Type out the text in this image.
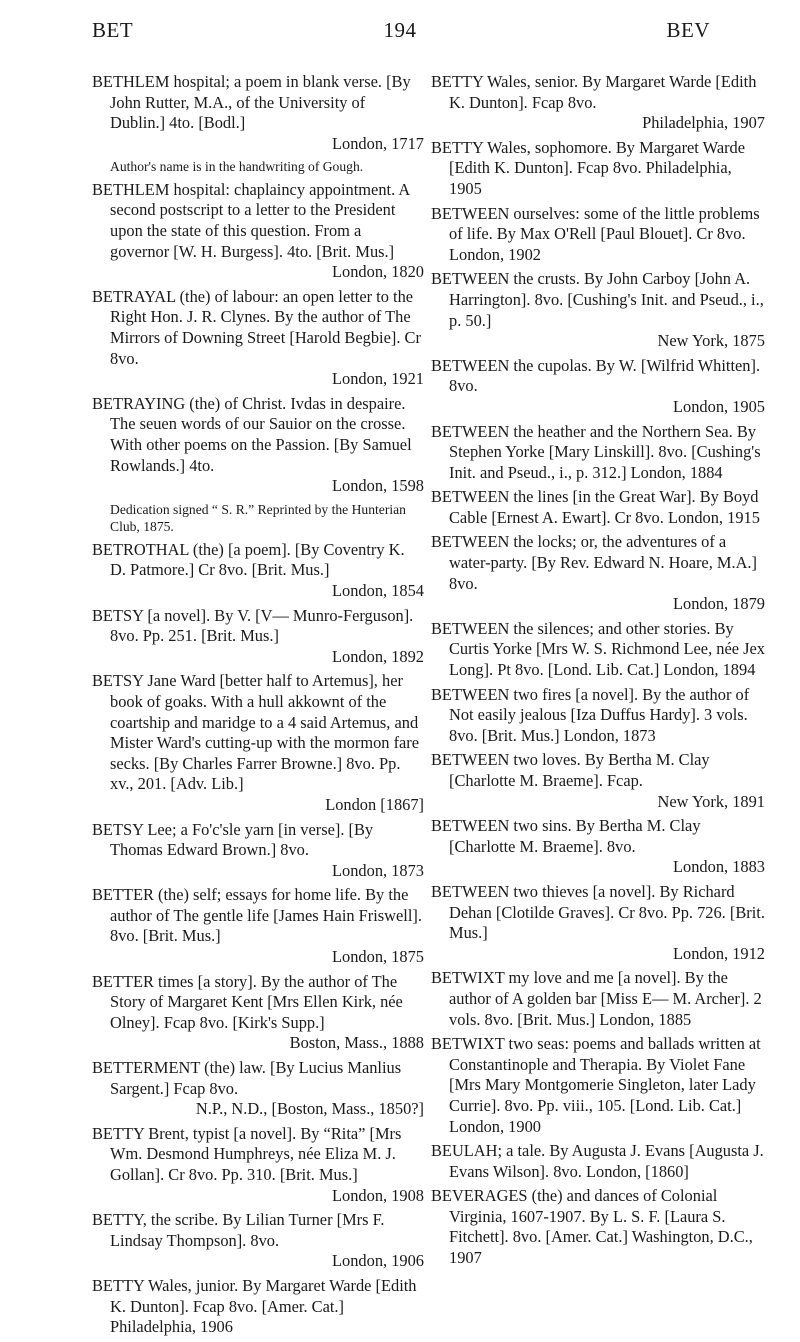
BET	194	BEV
BETHLEM hospital; a poem in blank verse. [By John Rutter, M.A., of the University of Dublin.] 4to. [Bodl.]
London, 1717
Author's name is in the handwriting of Gough.
BETHLEM hospital: chaplaincy appointment. A second postscript to a letter to the President upon the state of this question. From a governor [W. H. Burgess]. 4to. [Brit. Mus.]
London, 1820
BETRAYAL (the) of labour: an open letter to the Right Hon. J. R. Clynes. By the author of The Mirrors of Downing Street [Harold Begbie]. Cr 8vo.
London, 1921
BETRAYING (the) of Christ. Ivdas in despaire. The seuen words of our Sauior on the crosse. With other poems on the Passion. [By Samuel Rowlands.] 4to.
London, 1598
Dedication signed “ S. R.” Reprinted by the Hunterian Club, 1875.
BETROTHAL (the) [a poem]. [By Coventry K. D. Patmore.] Cr 8vo. [Brit. Mus.]
London, 1854
BETSY [a novel]. By V. [V— Munro-Ferguson]. 8vo. Pp. 251. [Brit. Mus.]
London, 1892
BETSY Jane Ward [better half to Artemus], her book of goaks. With a hull akkownt of the coartship and maridge to a 4 said Artemus, and Mister Ward's cutting-up with the mormon fare secks. [By Charles Farrer Browne.] 8vo. Pp. xv., 201. [Adv. Lib.]
London [1867]
BETSY Lee; a Fo'c'sle yarn [in verse]. [By Thomas Edward Brown.] 8vo.
London, 1873
BETTER (the) self; essays for home life. By the author of The gentle life [James Hain Friswell]. 8vo. [Brit. Mus.]
London, 1875
BETTER times [a story]. By the author of The Story of Margaret Kent [Mrs Ellen Kirk, née Olney]. Fcap 8vo. [Kirk's Supp.]
Boston, Mass., 1888
BETTERMENT (the) law. [By Lucius Manlius Sargent.] Fcap 8vo.
N.P., N.D., [Boston, Mass., 1850?]
BETTY Brent, typist [a novel]. By “Rita” [Mrs Wm. Desmond Humphreys, née Eliza M. J. Gollan]. Cr 8vo. Pp. 310. [Brit. Mus.]
London, 1908
BETTY, the scribe. By Lilian Turner [Mrs F. Lindsay Thompson]. 8vo.
London, 1906
BETTY Wales, junior. By Margaret Warde [Edith K. Dunton]. Fcap 8vo. [Amer. Cat.] Philadelphia, 1906
BETTY Wales, senior. By Margaret Warde [Edith K. Dunton]. Fcap 8vo.
Philadelphia, 1907
BETTY Wales, sophomore. By Margaret Warde [Edith K. Dunton]. Fcap 8vo. Philadelphia, 1905
BETWEEN ourselves: some of the little problems of life. By Max O'Rell [Paul Blouet]. Cr 8vo. London, 1902
BETWEEN the crusts. By John Carboy [John A. Harrington]. 8vo. [Cushing's Init. and Pseud., i., p. 50.]
New York, 1875
BETWEEN the cupolas. By W. [Wilfrid Whitten]. 8vo.
London, 1905
BETWEEN the heather and the Northern Sea. By Stephen Yorke [Mary Linskill]. 8vo. [Cushing's Init. and Pseud., i., p. 312.] London, 1884
BETWEEN the lines [in the Great War]. By Boyd Cable [Ernest A. Ewart]. Cr 8vo. London, 1915
BETWEEN the locks; or, the adventures of a water-party. [By Rev. Edward N. Hoare, M.A.] 8vo.
London, 1879
BETWEEN the silences; and other stories. By Curtis Yorke [Mrs W. S. Richmond Lee, née Jex Long]. Pt 8vo. [Lond. Lib. Cat.] London, 1894
BETWEEN two fires [a novel]. By the author of Not easily jealous [Iza Duffus Hardy]. 3 vols. 8vo. [Brit. Mus.] London, 1873
BETWEEN two loves. By Bertha M. Clay [Charlotte M. Braeme]. Fcap.
New York, 1891
BETWEEN two sins. By Bertha M. Clay [Charlotte M. Braeme]. 8vo.
London, 1883
BETWEEN two thieves [a novel]. By Richard Dehan [Clotilde Graves]. Cr 8vo. Pp. 726. [Brit. Mus.]
London, 1912
BETWIXT my love and me [a novel]. By the author of A golden bar [Miss E— M. Archer]. 2 vols. 8vo. [Brit. Mus.] London, 1885
BETWIXT two seas: poems and ballads written at Constantinople and Therapia. By Violet Fane [Mrs Mary Montgomerie Singleton, later Lady Currie]. 8vo. Pp. viii., 105. [Lond. Lib. Cat.] London, 1900
BEULAH; a tale. By Augusta J. Evans [Augusta J. Evans Wilson]. 8vo. London, [1860]
BEVERAGES (the) and dances of Colonial Virginia, 1607-1907. By L. S. F. [Laura S. Fitchett]. 8vo. [Amer. Cat.] Washington, D.C., 1907
